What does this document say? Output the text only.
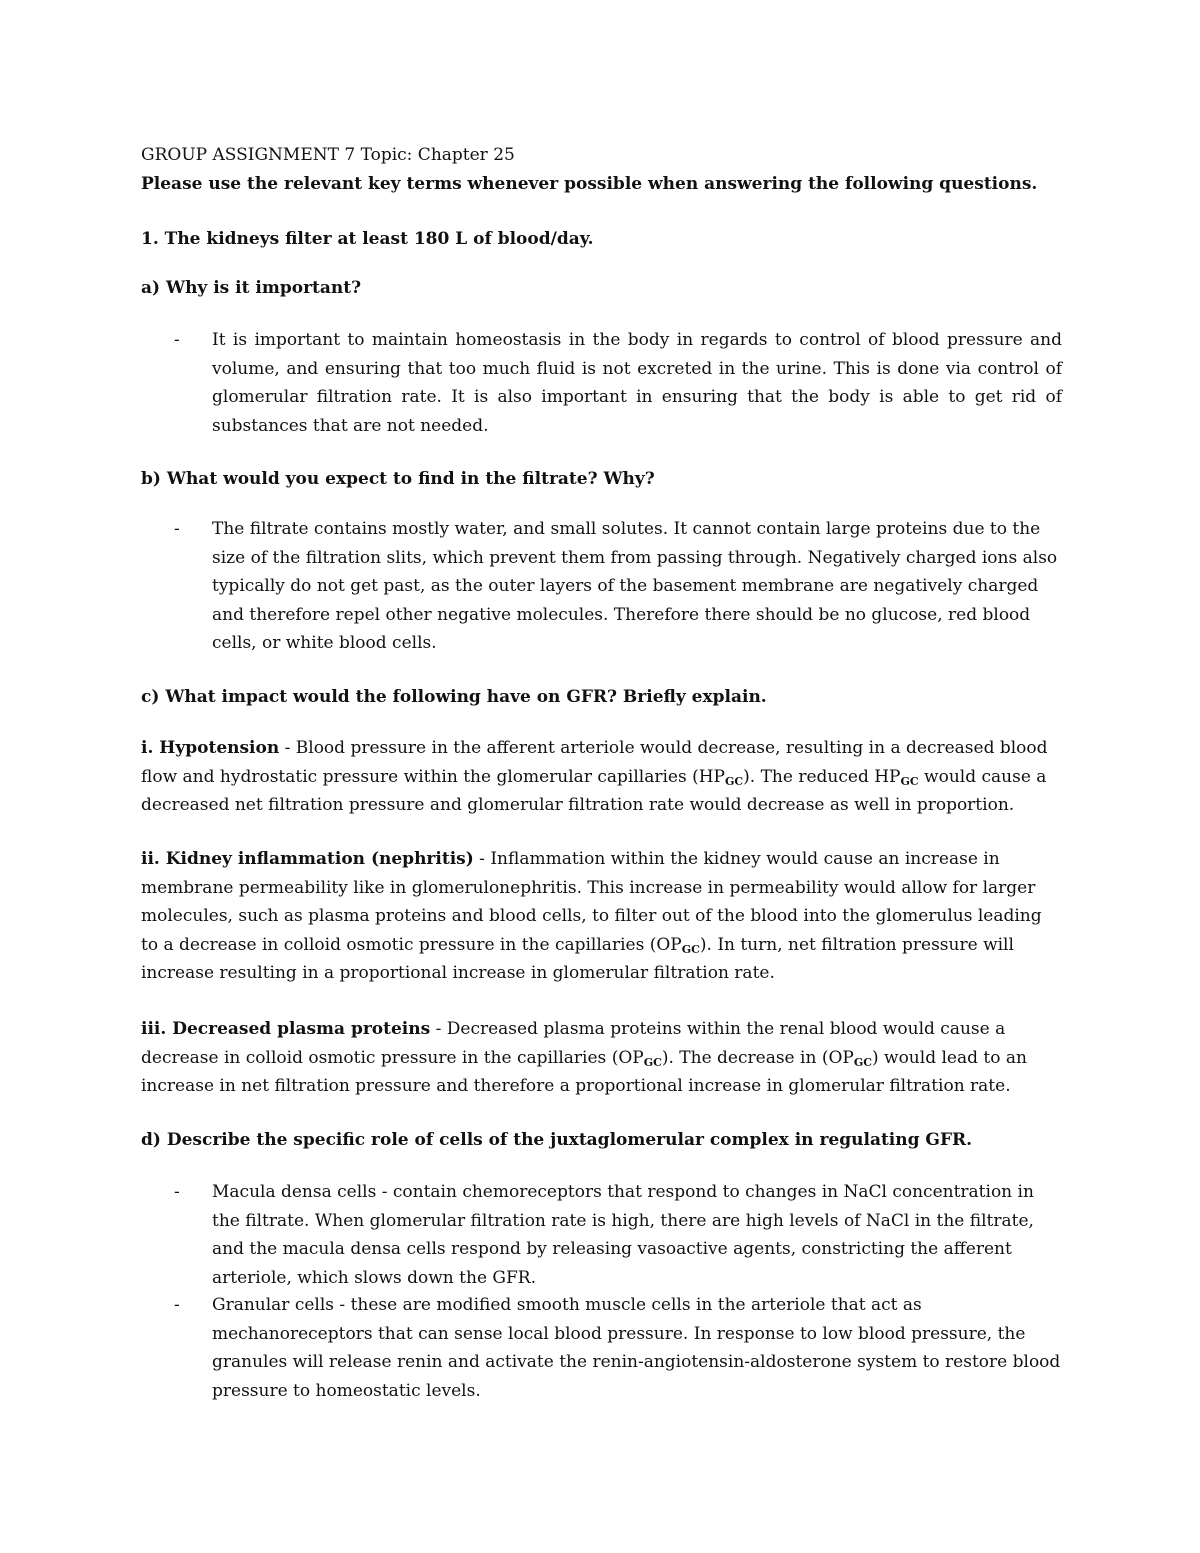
GROUP ASSIGNMENT 7 Topic: Chapter 25

Please use the relevant key terms whenever possible when answering the following questions.

1. The kidneys filter at least 180 L of blood/day.

a) Why is it important?

-	It is important to maintain homeostasis in the body in regards to control of blood pressure and volume, and ensuring that too much fluid is not excreted in the urine. This is done via control of glomerular filtration rate. It is also important in ensuring that the body is able to get rid of substances that are not needed.

b) What would you expect to find in the filtrate? Why?

-	The filtrate contains mostly water, and small solutes. It cannot contain large proteins due to the size of the filtration slits, which prevent them from passing through. Negatively charged ions also typically do not get past, as the outer layers of the basement membrane are negatively charged and therefore repel other negative molecules. Therefore there should be no glucose, red blood cells, or white blood cells.

c) What impact would the following have on GFR? Briefly explain.

i. Hypotension - Blood pressure in the afferent arteriole would decrease, resulting in a decreased blood flow and hydrostatic pressure within the glomerular capillaries $(HP_{GC})$. The reduced $HP_{GC}$ would cause a decreased net filtration pressure and glomerular filtration rate would decrease as well in proportion.

ii. Kidney inflammation (nephritis) - Inflammation within the kidney would cause an increase in membrane permeability like in glomerulonephritis. This increase in permeability would allow for larger molecules, such as plasma proteins and blood cells, to filter out of the blood into the glomerulus leading to a decrease in colloid osmotic pressure in the capillaries $(OP_{GC})$. In turn, net filtration pressure will increase resulting in a proportional increase in glomerular filtration rate.

iii. Decreased plasma proteins - Decreased plasma proteins within the renal blood would cause a decrease in colloid osmotic pressure in the capillaries $(OP_{GC})$. The decrease in $(OP_{GC})$ would lead to an increase in net filtration pressure and therefore a proportional increase in glomerular filtration rate.

d) Describe the specific role of cells of the juxtaglomerular complex in regulating GFR.

-	Macula densa cells - contain chemoreceptors that respond to changes in NaCl concentration in the filtrate. When glomerular filtration rate is high, there are high levels of NaCl in the filtrate, and the macula densa cells respond by releasing vasoactive agents, constricting the afferent arteriole, which slows down the GFR.
-	Granular cells - these are modified smooth muscle cells in the arteriole that act as mechanoreceptors that can sense local blood pressure. In response to low blood pressure, the granules will release renin and activate the renin-angiotensin-aldosterone system to restore blood pressure to homeostatic levels.
